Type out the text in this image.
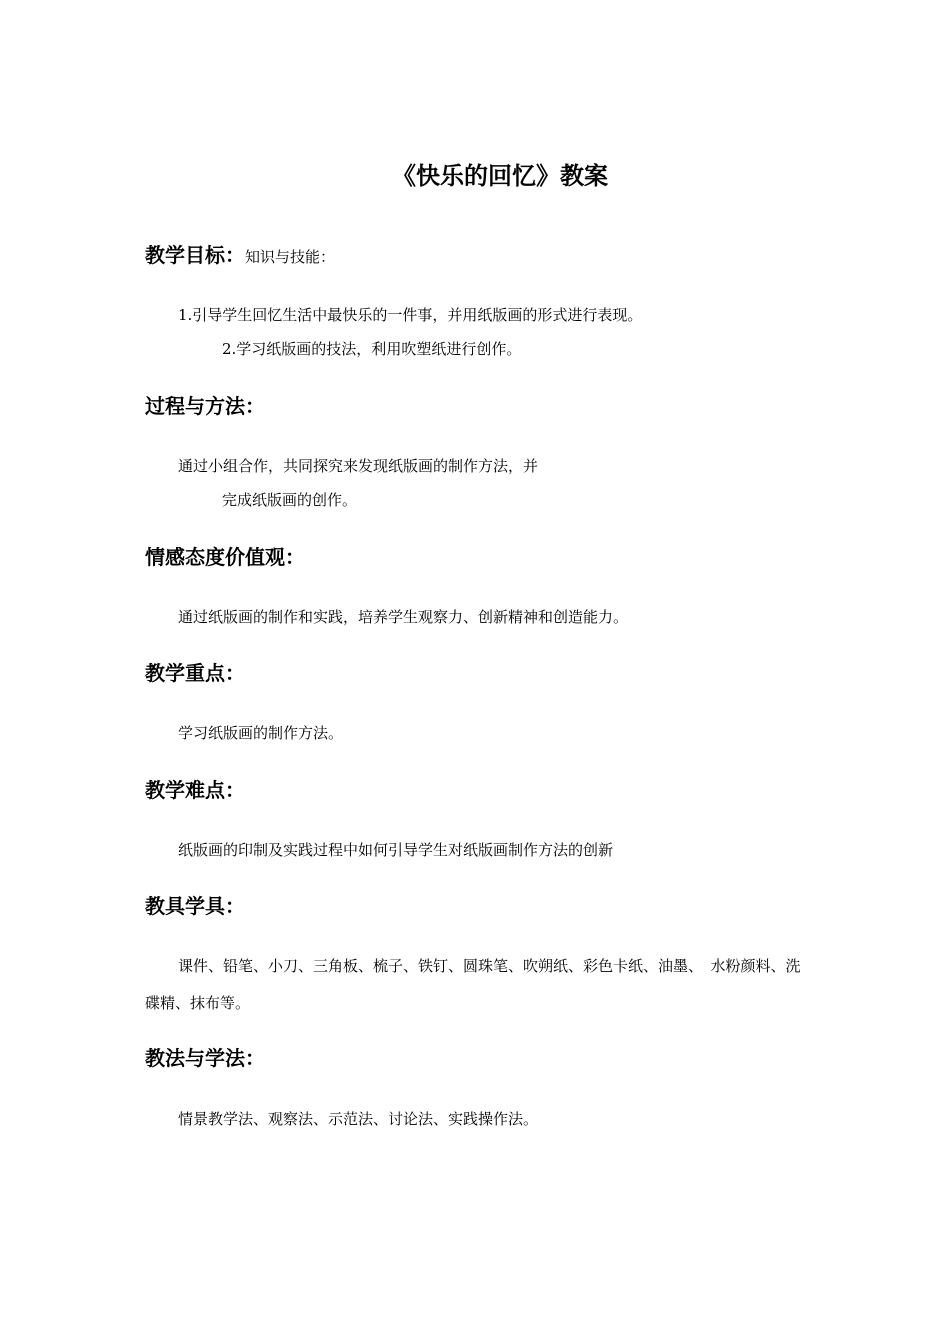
《快乐的回忆》教案
教学目标：知识与技能：
1.引导学生回忆生活中最快乐的一件事，并用纸版画的形式进行表现。
2.学习纸版画的技法，利用吹塑纸进行创作。
过程与方法：
通过小组合作，共同探究来发现纸版画的制作方法，并
完成纸版画的创作。
情感态度价值观：
通过纸版画的制作和实践，培养学生观察力、创新精神和创造能力。
教学重点：
学习纸版画的制作方法。
教学难点：
纸版画的印制及实践过程中如何引导学生对纸版画制作方法的创新
教具学具：
课件、铅笔、小刀、三角板、梳子、铁钉、圆珠笔、吹朔纸、彩色卡纸、油墨、　水粉颜料、洗
碟精、抹布等。
教法与学法：
情景教学法、观察法、示范法、讨论法、实践操作法。
